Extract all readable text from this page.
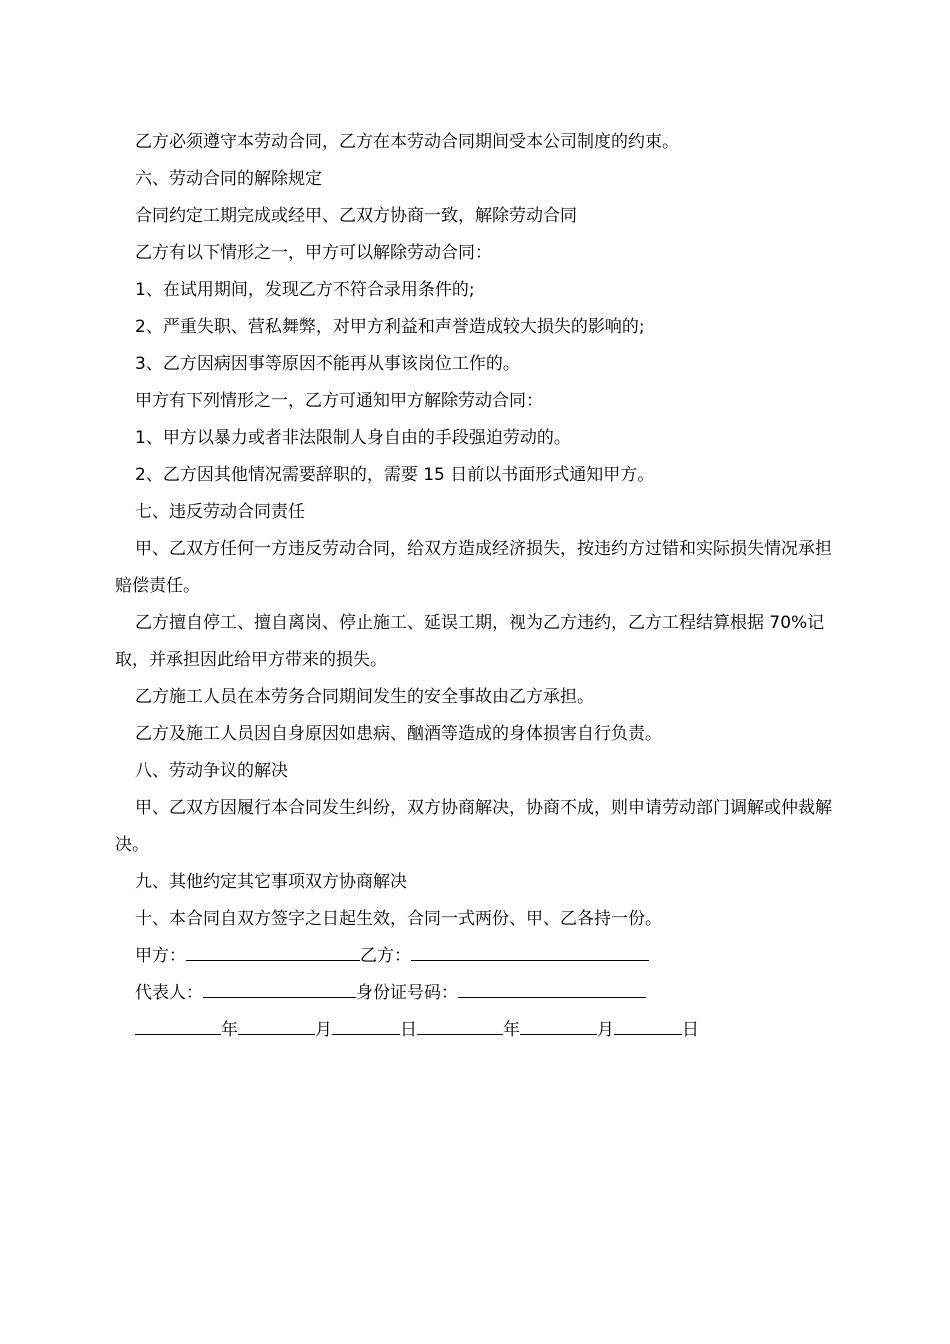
乙方必须遵守本劳动合同，乙方在本劳动合同期间受本公司制度的约束。

六、劳动合同的解除规定

合同约定工期完成或经甲、乙双方协商一致，解除劳动合同

乙方有以下情形之一，甲方可以解除劳动合同：

1、在试用期间，发现乙方不符合录用条件的;

2、严重失职、营私舞弊，对甲方利益和声誉造成较大损失的影响的;

3、乙方因病因事等原因不能再从事该岗位工作的。

甲方有下列情形之一，乙方可通知甲方解除劳动合同：

1、甲方以暴力或者非法限制人身自由的手段强迫劳动的。

2、乙方因其他情况需要辞职的，需要 15 日前以书面形式通知甲方。

七、违反劳动合同责任

甲、乙双方任何一方违反劳动合同，给双方造成经济损失，按违约方过错和实际损失情况承担赔偿责任。

乙方擅自停工、擅自离岗、停止施工、延误工期，视为乙方违约，乙方工程结算根据 70%记取，并承担因此给甲方带来的损失。

乙方施工人员在本劳务合同期间发生的安全事故由乙方承担。

乙方及施工人员因自身原因如患病、酗酒等造成的身体损害自行负责。

八、劳动争议的解决

甲、乙双方因履行本合同发生纠纷，双方协商解决，协商不成，则申请劳动部门调解或仲裁解决。

九、其他约定其它事项双方协商解决

十、本合同自双方签字之日起生效，合同一式两份、甲、乙各持一份。

甲方：	乙方：
代表人：	身份证号码：
年	月	日	年	月	日
